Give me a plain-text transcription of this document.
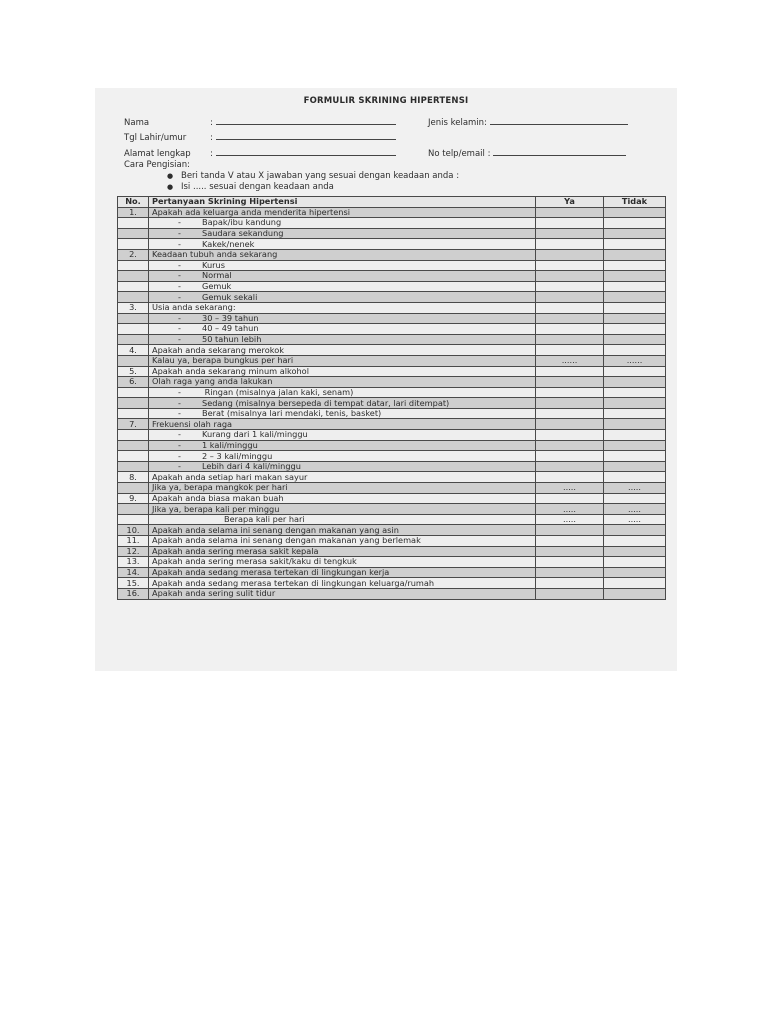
FORMULIR SKRINING HIPERTENSI
Nama	:
Tgl Lahir/umur	:
Alamat lengkap :
Jenis kelamin:
No telp/email :
Cara Pengisian:
● Beri tanda V atau X jawaban yang sesuai dengan keadaan anda :
● Isi ..... sesuai dengan keadaan anda
No.	Pertanyaan Skrining Hipertensi	Ya	Tidak
1.	Apakah ada keluarga anda menderita hipertensi		
	- Bapak/ibu kandung		
	- Saudara sekandung		
	- Kakek/nenek		
2.	Keadaan tubuh anda sekarang		
	- Kurus		
	- Normal		
	- Gemuk		
	- Gemuk sekali		
3.	Usia anda sekarang:		
	- 30 – 39 tahun		
	- 40 – 49 tahun		
	- 50 tahun lebih		
4.	Apakah anda sekarang merokok		
	Kalau ya, berapa bungkus per hari	......	......
5.	Apakah anda sekarang minum alkohol		
6.	Olah raga yang anda lakukan		
	- Ringan (misalnya jalan kaki, senam)		
	- Sedang (misalnya bersepeda di tempat datar, lari ditempat)		
	- Berat (misalnya lari mendaki, tenis, basket)		
7.	Frekuensi olah raga		
	- Kurang dari 1 kali/minggu		
	- 1 kali/minggu		
	- 2 – 3 kali/minggu		
	- Lebih dari 4 kali/minggu		
8.	Apakah anda setiap hari makan sayur		
	Jika ya, berapa mangkok per hari	.....	.....
9.	Apakah anda biasa makan buah		
	Jika ya, berapa kali per minggu	.....	.....
	Berapa kali per hari	.....	.....
10.	Apakah anda selama ini senang dengan makanan yang asin		
11.	Apakah anda selama ini senang dengan makanan yang berlemak		
12.	Apakah anda sering merasa sakit kepala		
13.	Apakah anda sering merasa sakit/kaku di tengkuk		
14.	Apakah anda sedang merasa tertekan di lingkungan kerja		
15.	Apakah anda sedang merasa tertekan di lingkungan keluarga/rumah		
16.	Apakah anda sering sulit tidur		
